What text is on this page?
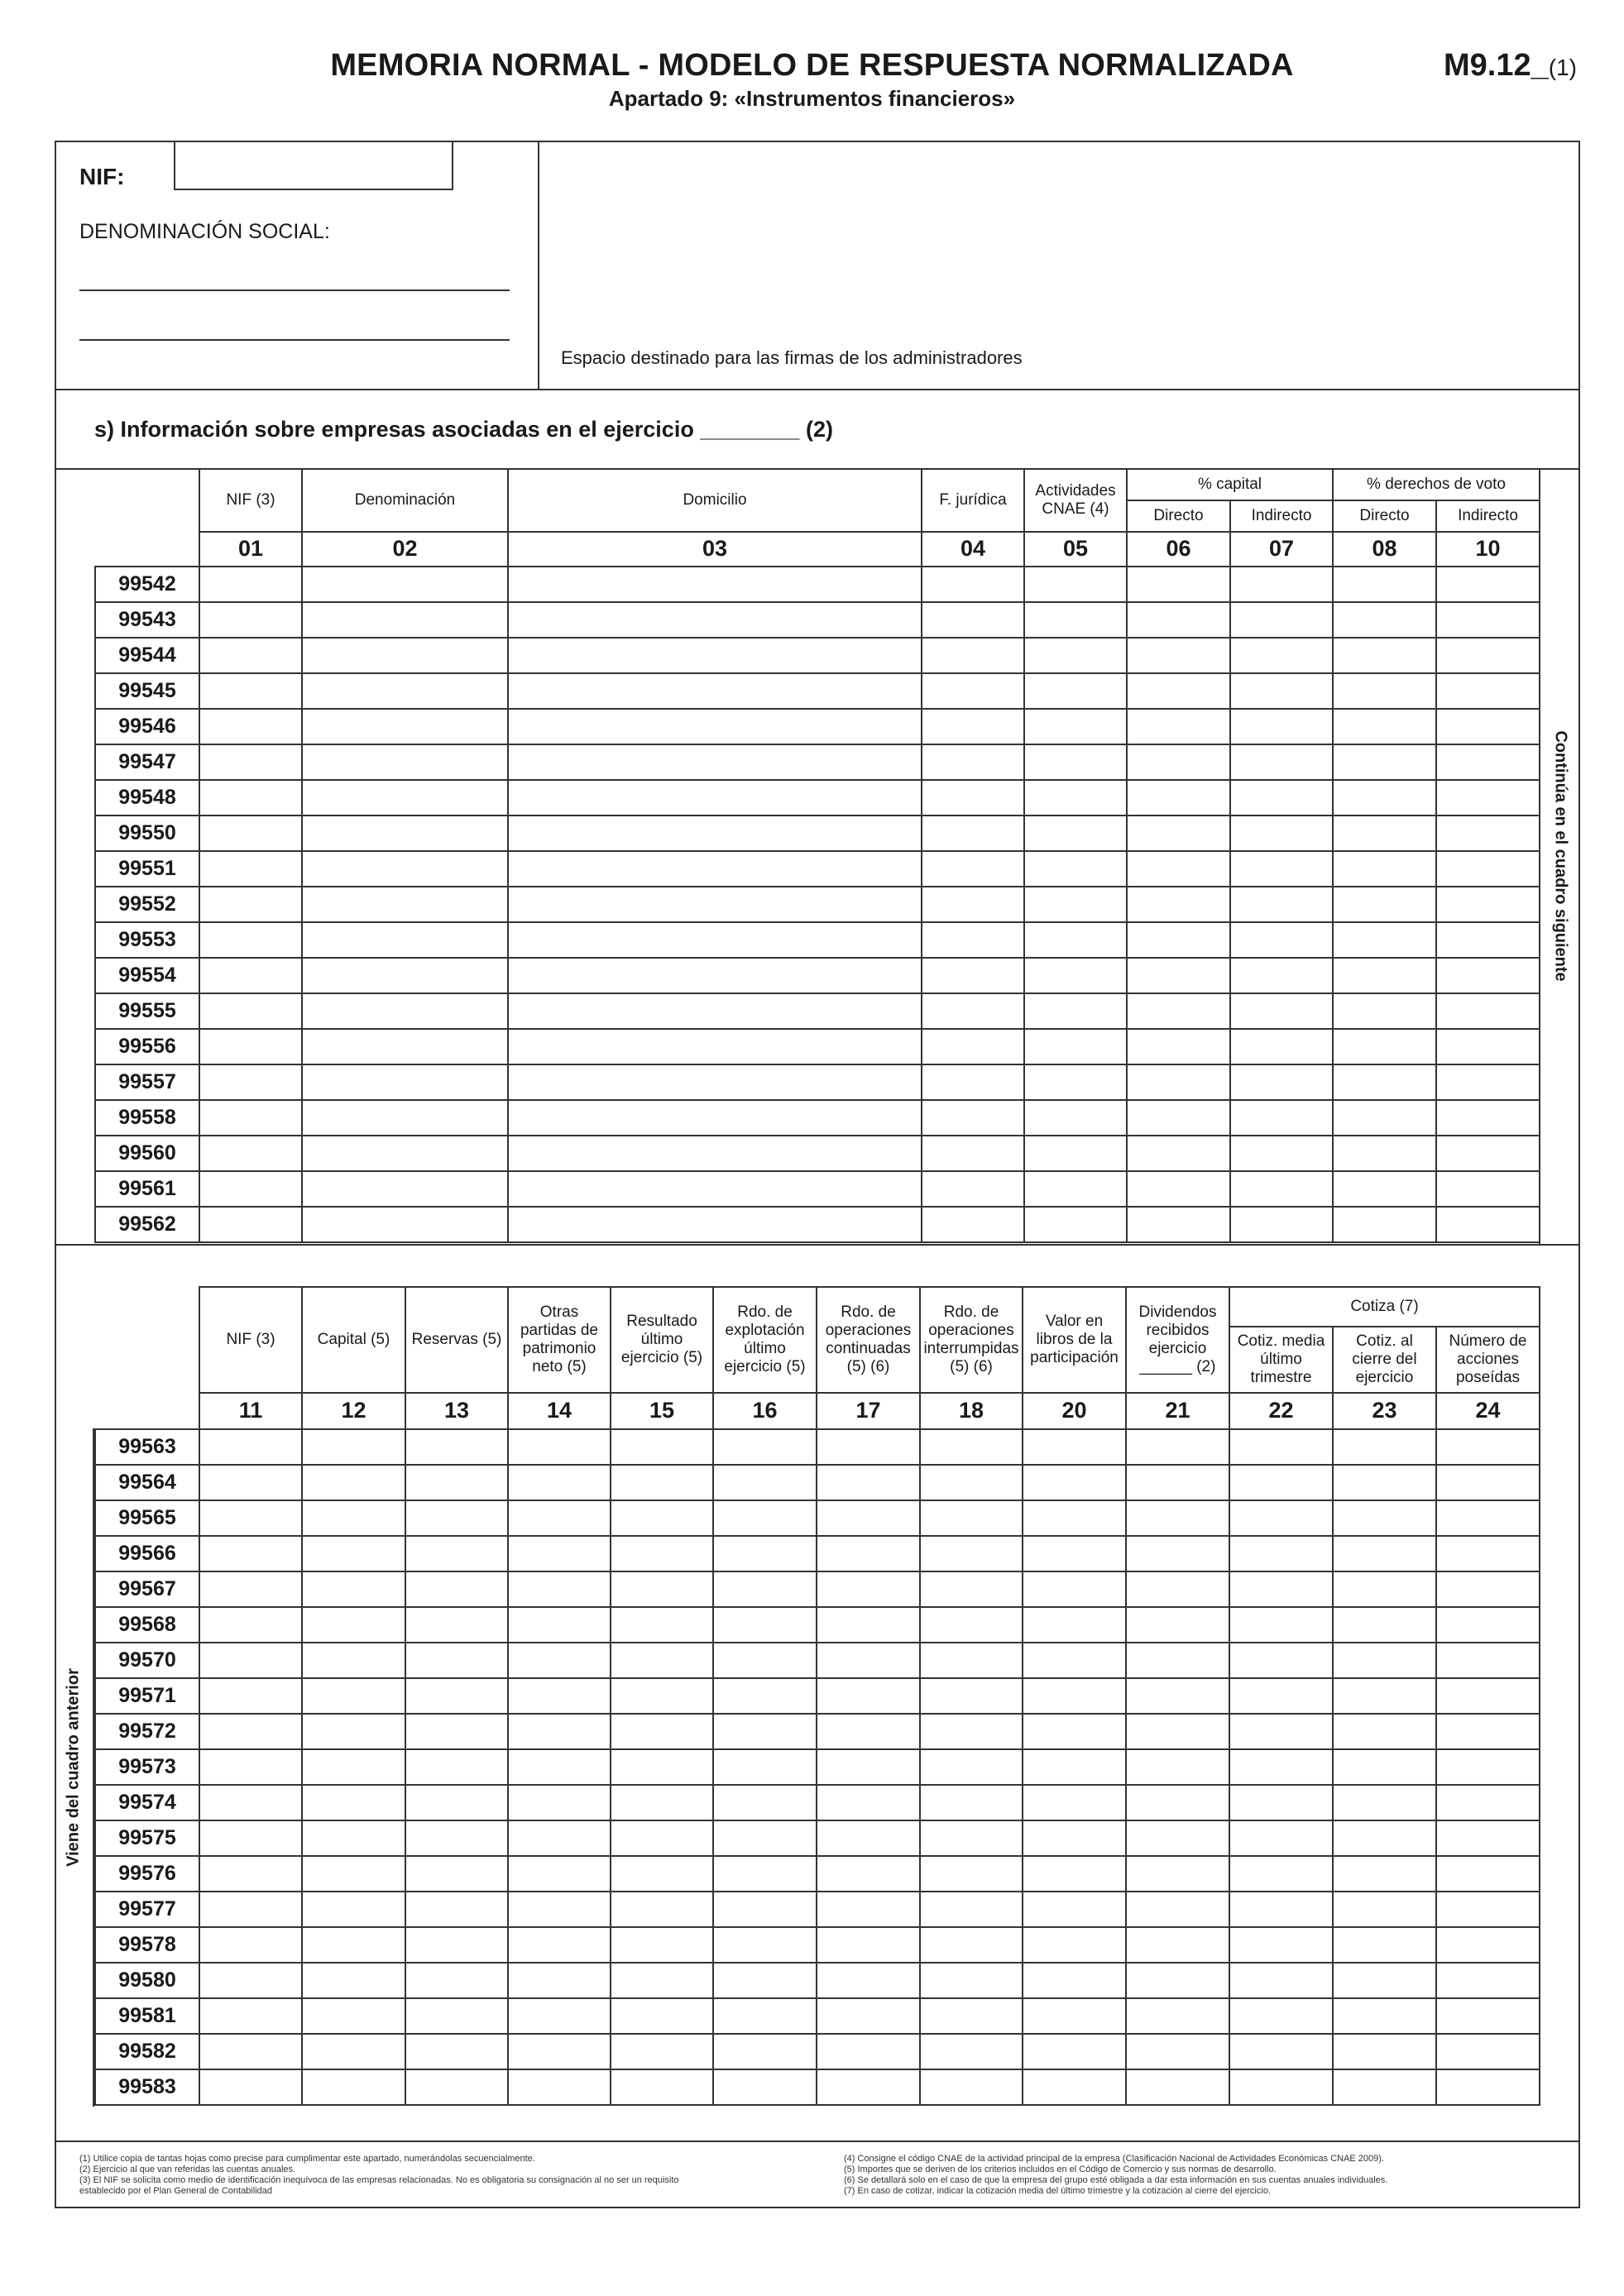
MEMORIA NORMAL - MODELO DE RESPUESTA NORMALIZADA
Apartado 9: «Instrumentos financieros»
M9.12_(1)
NIF:
DENOMINACIÓN SOCIAL:
Espacio destinado para las firmas de los administradores
s) Información sobre empresas asociadas en el ejercicio ________ (2)
	NIF (3)	Denominación	Domicilio	F. jurídica	Actividades CNAE (4)	% capital		% derechos de voto	
						Directo	Indirecto	Directo	Indirecto
	01	02	03	04	05	06	07	08	10
99542									
99543									
99544									
99545									
99546									
99547									
99548									
99550									
99551									
99552									
99553									
99554									
99555									
99556									
99557									
99558									
99560									
99561									
99562									
Continúa en el cuadro siguiente
	NIF (3)	Capital (5)	Reservas (5)	Otras partidas de patrimonio neto (5)	Resultado último ejercicio (5)	Rdo. de explotación último ejercicio (5)	Rdo. de operaciones continuadas (5) (6)	Rdo. de operaciones interrumpidas (5) (6)	Valor en libros de la participación	Dividendos recibidos ejercicio ______ (2)	Cotiza (7)		
											Cotiz. media último trimestre	Cotiz. al cierre del ejercicio	Número de acciones poseídas
	11	12	13	14	15	16	17	18	20	21	22	23	24
99563													
99564													
99565													
99566													
99567													
99568													
99570													
99571													
99572													
99573													
99574													
99575													
99576													
99577													
99578													
99580													
99581													
99582													
99583													
Viene del cuadro anterior
(1) Utilice copia de tantas hojas como precise para cumplimentar este apartado, numerándolas secuencialmente.
(2) Ejercicio al que van referidas las cuentas anuales.
(3) El NIF se solicita como medio de identificación inequívoca de las empresas relacionadas. No es obligatoria su consignación al no ser un requisito
establecido por el Plan General de Contabilidad
(4) Consigne el código CNAE de la actividad principal de la empresa (Clasificación Nacional de Actividades Económicas CNAE 2009).
(5) Importes que se deriven de los criterios incluidos en el Código de Comercio y sus normas de desarrollo.
(6) Se detallará solo en el caso de que la empresa del grupo esté obligada a dar esta información en sus cuentas anuales individuales.
(7) En caso de cotizar, indicar la cotización media del último trimestre y la cotización al cierre del ejercicio.
